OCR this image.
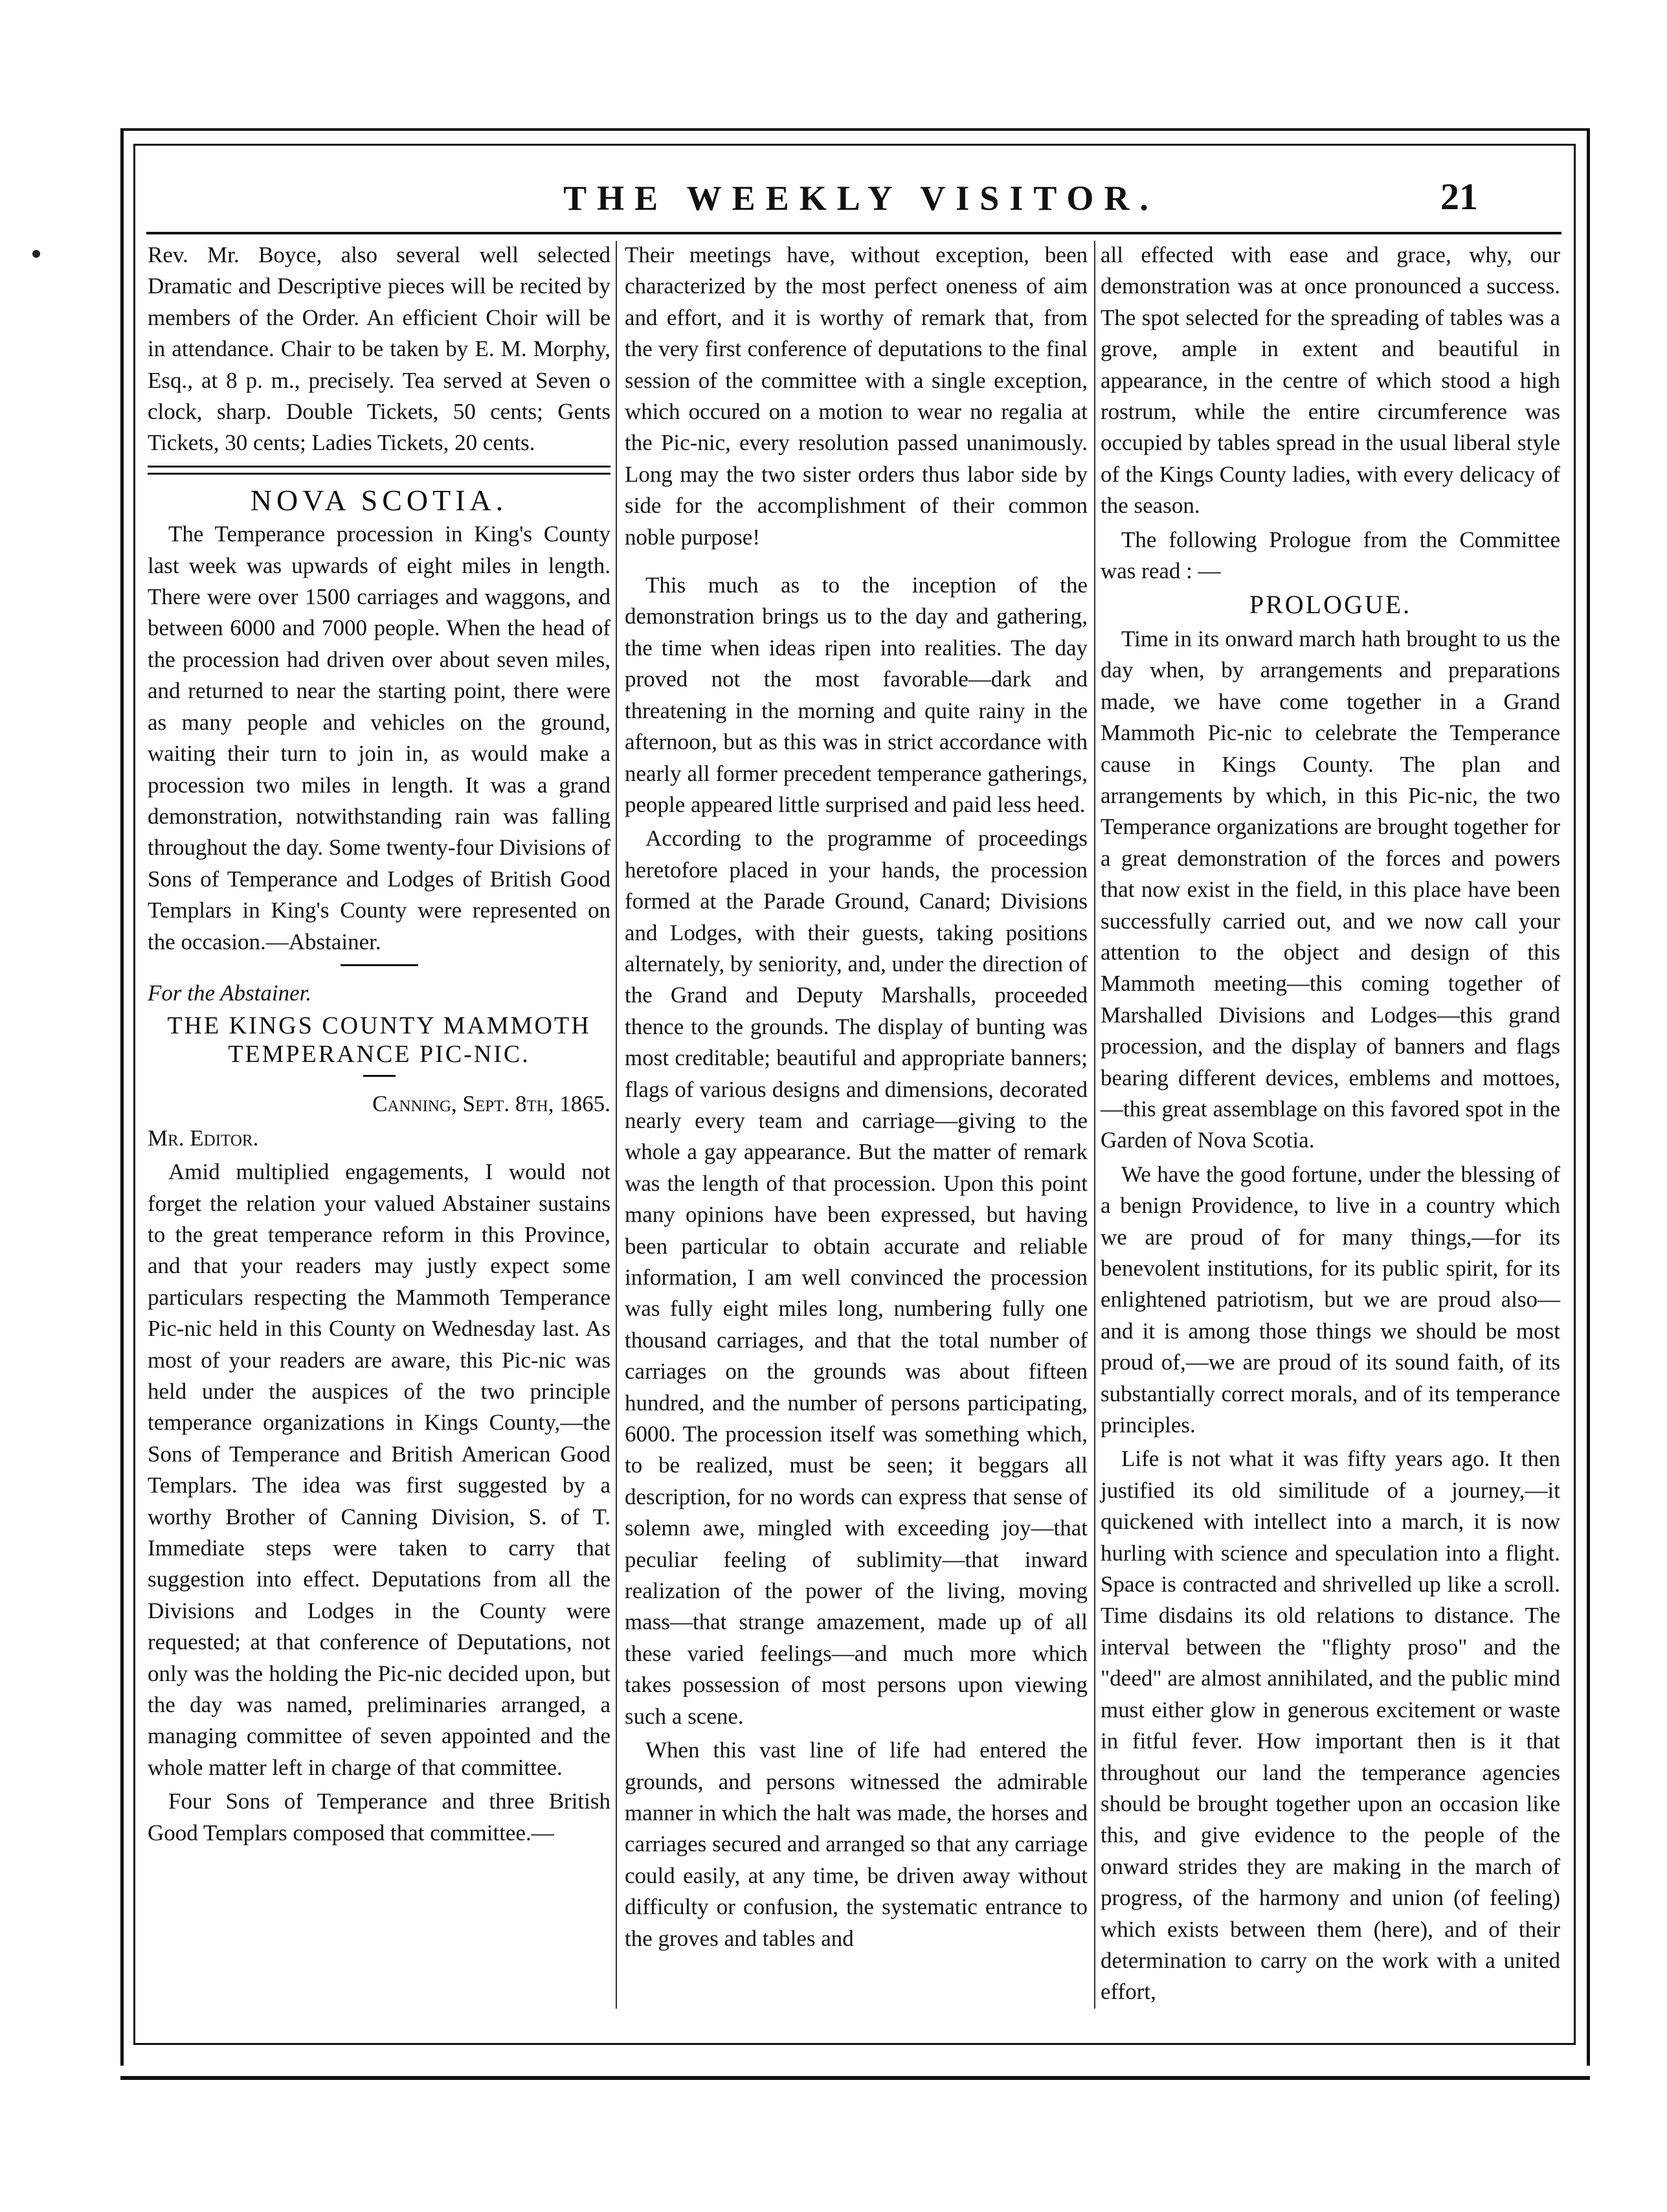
THE WEEKLY VISITOR.	21

Rev. Mr. Boyce, also several well selected Dramatic and Descriptive pieces will be recited by members of the Order. An efficient Choir will be in attendance. Chair to be taken by E. M. Morphy, Esq., at 8 p. m., precisely. Tea served at Seven o clock, sharp. Double Tickets, 50 cents; Gents Tickets, 30 cents; Ladies Tickets, 20 cents.

NOVA SCOTIA.

The Temperance procession in King's County last week was upwards of eight miles in length. There were over 1500 carriages and waggons, and between 6000 and 7000 people. When the head of the procession had driven over about seven miles, and returned to near the starting point, there were as many people and vehicles on the ground, waiting their turn to join in, as would make a procession two miles in length. It was a grand demonstration, notwithstanding rain was falling throughout the day. Some twenty-four Divisions of Sons of Temperance and Lodges of British Good Templars in King's County were represented on the occasion.—Abstainer.

For the Abstainer.

THE KINGS COUNTY MAMMOTH TEMPERANCE PIC-NIC.

Canning, Sept. 8th, 1865.

Mr. Editor.

Amid multiplied engagements, I would not forget the relation your valued Abstainer sustains to the great temperance reform in this Province, and that your readers may justly expect some particulars respecting the Mammoth Temperance Pic-nic held in this County on Wednesday last. As most of your readers are aware, this Pic-nic was held under the auspices of the two principle temperance organizations in Kings County,—the Sons of Temperance and British American Good Templars. The idea was first suggested by a worthy Brother of Canning Division, S. of T. Immediate steps were taken to carry that suggestion into effect. Deputations from all the Divisions and Lodges in the County were requested; at that conference of Deputations, not only was the holding the Pic-nic decided upon, but the day was named, preliminaries arranged, a managing committee of seven appointed and the whole matter left in charge of that committee.

Four Sons of Temperance and three British Good Templars composed that committee.—

Their meetings have, without exception, been characterized by the most perfect oneness of aim and effort, and it is worthy of remark that, from the very first conference of deputations to the final session of the committee with a single exception, which occured on a motion to wear no regalia at the Pic-nic, every resolution passed unanimously. Long may the two sister orders thus labor side by side for the accomplishment of their common noble purpose!

This much as to the inception of the demonstration brings us to the day and gathering, the time when ideas ripen into realities. The day proved not the most favorable—dark and threatening in the morning and quite rainy in the afternoon, but as this was in strict accordance with nearly all former precedent temperance gatherings, people appeared little surprised and paid less heed.

According to the programme of proceedings heretofore placed in your hands, the procession formed at the Parade Ground, Canard; Divisions and Lodges, with their guests, taking positions alternately, by seniority, and, under the direction of the Grand and Deputy Marshalls, proceeded thence to the grounds. The display of bunting was most creditable; beautiful and appropriate banners; flags of various designs and dimensions, decorated nearly every team and carriage—giving to the whole a gay appearance. But the matter of remark was the length of that procession. Upon this point many opinions have been expressed, but having been particular to obtain accurate and reliable information, I am well convinced the procession was fully eight miles long, numbering fully one thousand carriages, and that the total number of carriages on the grounds was about fifteen hundred, and the number of persons participating, 6000. The procession itself was something which, to be realized, must be seen; it beggars all description, for no words can express that sense of solemn awe, mingled with exceeding joy—that peculiar feeling of sublimity—that inward realization of the power of the living, moving mass—that strange amazement, made up of all these varied feelings—and much more which takes possession of most persons upon viewing such a scene.

When this vast line of life had entered the grounds, and persons witnessed the admirable manner in which the halt was made, the horses and carriages secured and arranged so that any carriage could easily, at any time, be driven away without difficulty or confusion, the systematic entrance to the groves and tables and

all effected with ease and grace, why, our demonstration was at once pronounced a success. The spot selected for the spreading of tables was a grove, ample in extent and beautiful in appearance, in the centre of which stood a high rostrum, while the entire circumference was occupied by tables spread in the usual liberal style of the Kings County ladies, with every delicacy of the season.

The following Prologue from the Committee was read : —

PROLOGUE.

Time in its onward march hath brought to us the day when, by arrangements and preparations made, we have come together in a Grand Mammoth Pic-nic to celebrate the Temperance cause in Kings County. The plan and arrangements by which, in this Pic-nic, the two Temperance organizations are brought together for a great demonstration of the forces and powers that now exist in the field, in this place have been successfully carried out, and we now call your attention to the object and design of this Mammoth meeting—this coming together of Marshalled Divisions and Lodges—this grand procession, and the display of banners and flags bearing different devices, emblems and mottoes,—this great assemblage on this favored spot in the Garden of Nova Scotia.

We have the good fortune, under the blessing of a benign Providence, to live in a country which we are proud of for many things,—for its benevolent institutions, for its public spirit, for its enlightened patriotism, but we are proud also—and it is among those things we should be most proud of,—we are proud of its sound faith, of its substantially correct morals, and of its temperance principles.

Life is not what it was fifty years ago. It then justified its old similitude of a journey,—it quickened with intellect into a march, it is now hurling with science and speculation into a flight. Space is contracted and shrivelled up like a scroll. Time disdains its old relations to distance. The interval between the "flighty proso" and the "deed" are almost annihilated, and the public mind must either glow in generous excitement or waste in fitful fever. How important then is it that throughout our land the temperance agencies should be brought together upon an occasion like this, and give evidence to the people of the onward strides they are making in the march of progress, of the harmony and union (of feeling) which exists between them (here), and of their determination to carry on the work with a united effort,
